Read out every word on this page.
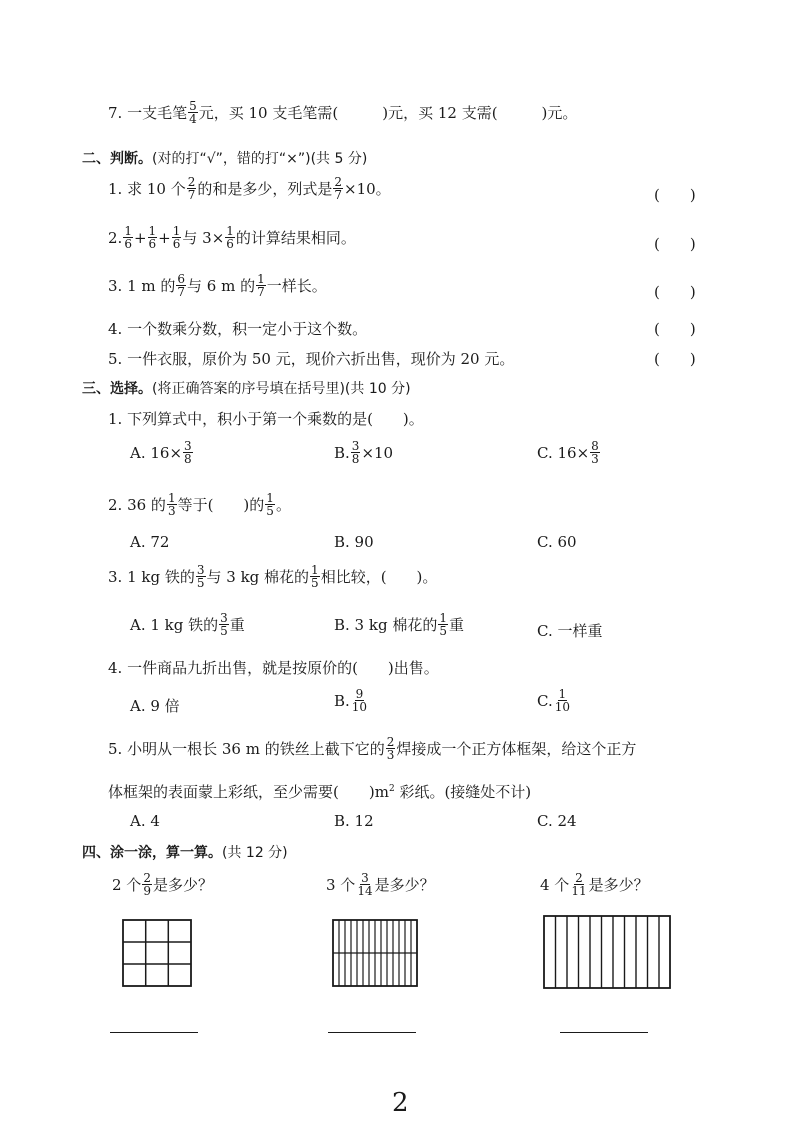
7. 一支毛笔 $\frac{5}{4}$ 元，买 10 支毛笔需(	)元，买 12 支需(	)元。
二、判断。(对的打“√”，错的打“×”)(共 5 分)
1. 求 10 个 $\frac{2}{7}$ 的和是多少，列式是 $\frac{2}{7} \times 10$。	(　　)
2. $\frac{1}{6} + \frac{1}{6} + \frac{1}{6}$ 与 $3\times \frac{1}{6}$ 的计算结果相同。	(　　)
3. 1 m 的 $\frac{6}{7}$ 与 6 m 的 $\frac{1}{7}$ 一样长。	(　　)
4. 一个数乘分数，积一定小于这个数。	(　　)
5. 一件衣服，原价为 50 元，现价六折出售，现价为 20 元。	(　　)
三、选择。(将正确答案的序号填在括号里)(共 10 分)
1. 下列算式中，积小于第一个乘数的是(　　)。
A. $16\times \frac{3}{8}$	B. $\frac{3}{8} \times 10$	C. $16\times \frac{8}{3}$
2. 36 的 $\frac{1}{3}$ 等于(　　)的 $\frac{1}{5}$ 。
A. 72	B. 90	C. 60
3. 1 kg 铁的 $\frac{3}{5}$ 与 3 kg 棉花的 $\frac{1}{5}$ 相比较，(　　)。
A. 1 kg 铁的 $\frac{3}{5}$ 重	B. 3 kg 棉花的 $\frac{1}{5}$ 重	C. 一样重
4. 一件商品九折出售，就是按原价的(　　)出售。
A. 9 倍	B. $\frac{9}{10}$	C. $\frac{1}{10}$
5. 小明从一根长 36 m 的铁丝上截下它的 $\frac{2}{3}$ 焊接成一个正方体框架，给这个正方
体框架的表面蒙上彩纸，至少需要(　　)$m^2$ 彩纸。(接缝处不计)
A. 4	B. 12	C. 24
四、涂一涂，算一算。(共 12 分)
2 个 $\frac{2}{9}$ 是多少？	3 个 $\frac{3}{14}$ 是多少？	4 个 $\frac{2}{11}$ 是多少？
2
